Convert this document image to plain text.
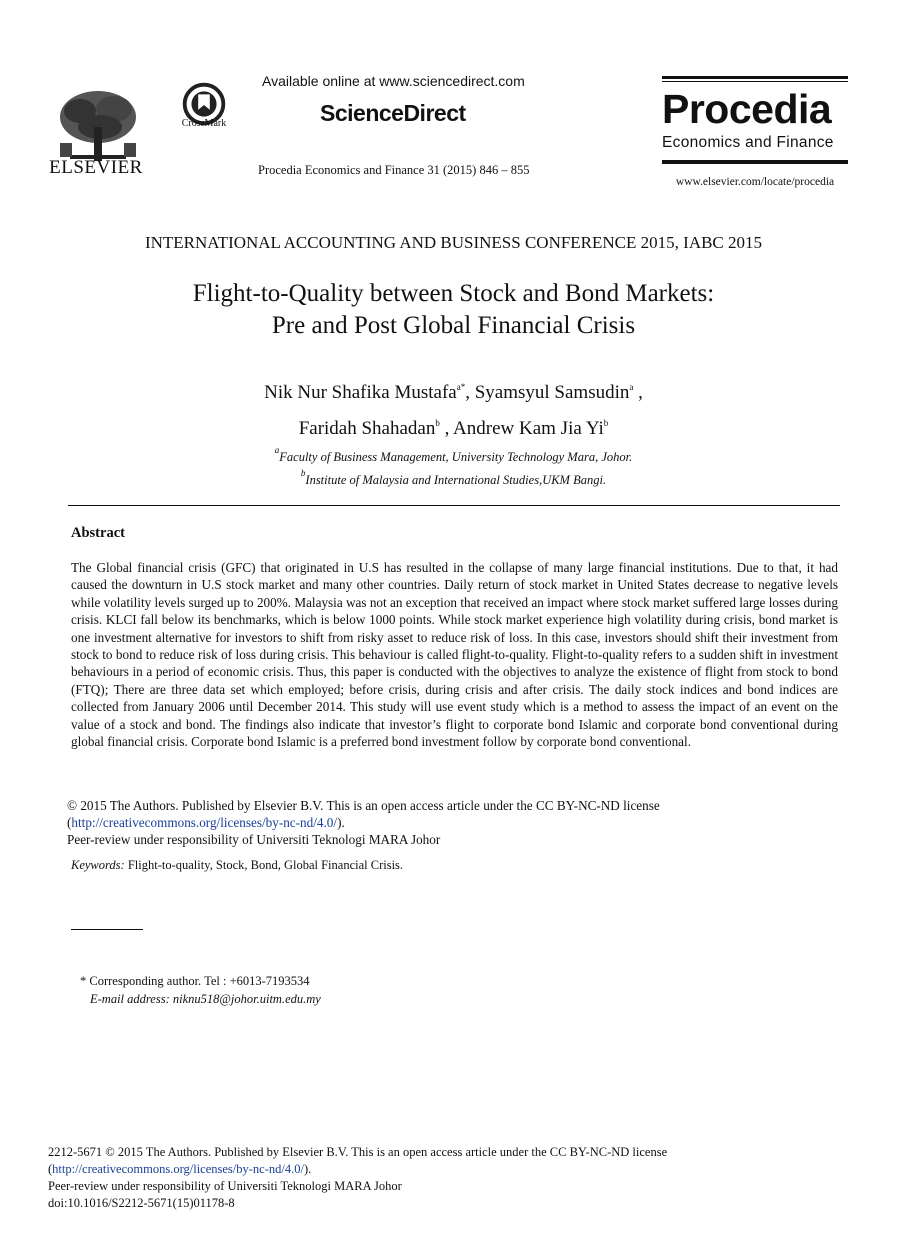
ELSEVIER
CrossMark
Available online at www.sciencedirect.com
ScienceDirect
Procedia Economics and Finance 31 (2015) 846 – 855
Procedia
Economics and Finance
www.elsevier.com/locate/procedia
INTERNATIONAL ACCOUNTING AND BUSINESS CONFERENCE 2015, IABC 2015
Flight-to-Quality between Stock and Bond Markets:
Pre and Post Global Financial Crisis
Nik Nur Shafika Mustafa$^{a*}$, Syamsyul Samsudin$^a$ ,
Faridah Shahadan$^b$ , Andrew Kam Jia Yi$^b$
$^a$Faculty of Business Management, University Technology Mara, Johor.
$^b$Institute of Malaysia and International Studies,UKM Bangi.
Abstract
The Global financial crisis (GFC) that originated in U.S has resulted in the collapse of many large financial institutions. Due to that, it had caused the downturn in U.S stock market and many other countries. Daily return of stock market in United States decrease to negative levels while volatility levels surged up to 200%. Malaysia was not an exception that received an impact where stock market suffered large losses during crisis. KLCI fall below its benchmarks, which is below 1000 points. While stock market experience high volatility during crisis, bond market is one investment alternative for investors to shift from risky asset to reduce risk of loss. In this case, investors should shift their investment from stock to bond to reduce risk of loss during crisis. This behaviour is called flight-to-quality. Flight-to-quality refers to a sudden shift in investment behaviours in a period of economic crisis. Thus, this paper is conducted with the objectives to analyze the existence of flight from stock to bond (FTQ); There are three data set which employed; before crisis, during crisis and after crisis. The daily stock indices and bond indices are collected from January 2006 until December 2014. This study will use event study which is a method to assess the impact of an event on the value of a stock and bond. The findings also indicate that investor’s flight to corporate bond Islamic and corporate bond conventional during global financial crisis. Corporate bond Islamic is a preferred bond investment follow by corporate bond conventional.
© 2015 The Authors. Published by Elsevier B.V. This is an open access article under the CC BY-NC-ND license
(http://creativecommons.org/licenses/by-nc-nd/4.0/).
Peer-review under responsibility of Universiti Teknologi MARA Johor
Keywords: Flight-to-quality, Stock, Bond, Global Financial Crisis.
* Corresponding author. Tel : +6013-7193534
E-mail address: niknu518@johor.uitm.edu.my
2212-5671 © 2015 The Authors. Published by Elsevier B.V. This is an open access article under the CC BY-NC-ND license
(http://creativecommons.org/licenses/by-nc-nd/4.0/).
Peer-review under responsibility of Universiti Teknologi MARA Johor
doi:10.1016/S2212-5671(15)01178-8
